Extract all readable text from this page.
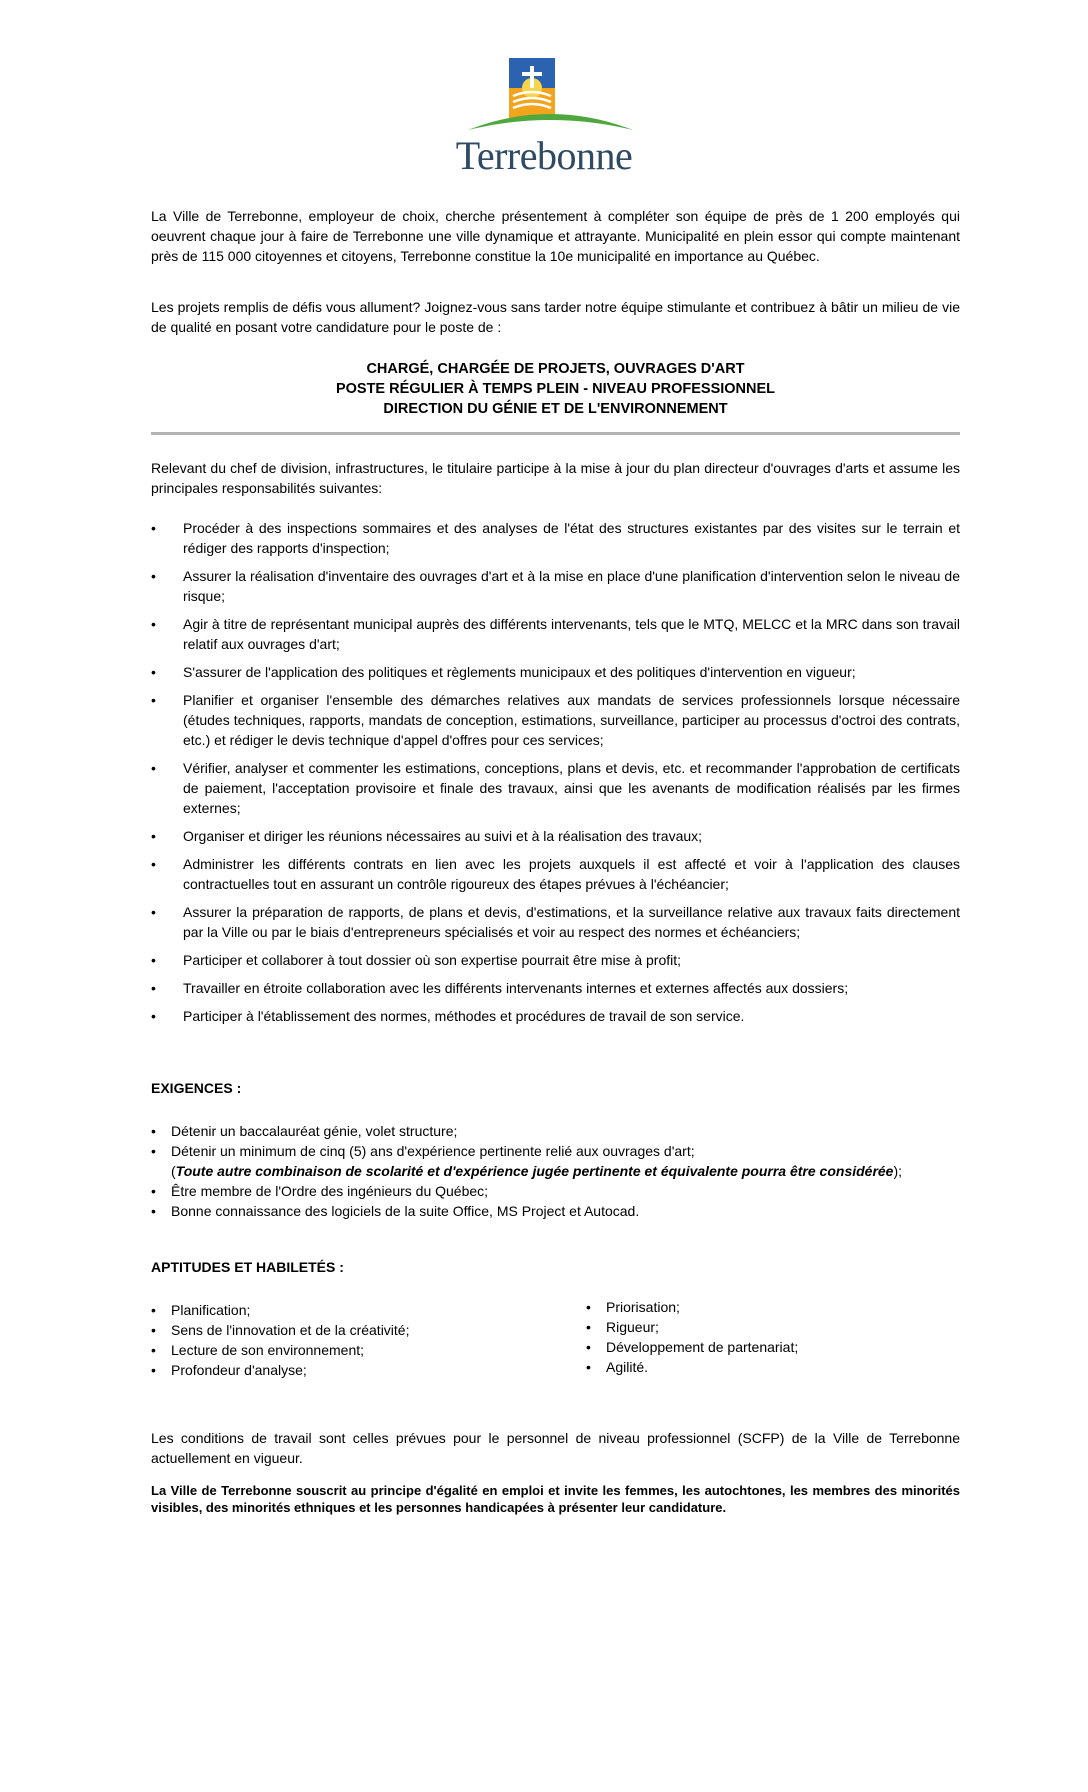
Terrebonne

La Ville de Terrebonne, employeur de choix, cherche présentement à compléter son équipe de près de 1 200 employés qui oeuvrent chaque jour à faire de Terrebonne une ville dynamique et attrayante. Municipalité en plein essor qui compte maintenant près de 115 000 citoyennes et citoyens, Terrebonne constitue la 10e municipalité en importance au Québec.

Les projets remplis de défis vous allument? Joignez-vous sans tarder notre équipe stimulante et contribuez à bâtir un milieu de vie de qualité en posant votre candidature pour le poste de :

CHARGÉ, CHARGÉE DE PROJETS, OUVRAGES D'ART
POSTE RÉGULIER À TEMPS PLEIN - NIVEAU PROFESSIONNEL
DIRECTION DU GÉNIE ET DE L'ENVIRONNEMENT

Relevant du chef de division, infrastructures, le titulaire participe à la mise à jour du plan directeur d'ouvrages d'arts et assume les principales responsabilités suivantes:

• Procéder à des inspections sommaires et des analyses de l'état des structures existantes par des visites sur le terrain et rédiger des rapports d'inspection;
• Assurer la réalisation d'inventaire des ouvrages d'art et à la mise en place d'une planification d'intervention selon le niveau de risque;
• Agir à titre de représentant municipal auprès des différents intervenants, tels que le MTQ, MELCC et la MRC dans son travail relatif aux ouvrages d'art;
• S'assurer de l'application des politiques et règlements municipaux et des politiques d'intervention en vigueur;
• Planifier et organiser l'ensemble des démarches relatives aux mandats de services professionnels lorsque nécessaire (études techniques, rapports, mandats de conception, estimations, surveillance, participer au processus d'octroi des contrats, etc.) et rédiger le devis technique d'appel d'offres pour ces services;
• Vérifier, analyser et commenter les estimations, conceptions, plans et devis, etc. et recommander l'approbation de certificats de paiement, l'acceptation provisoire et finale des travaux, ainsi que les avenants de modification réalisés par les firmes externes;
• Organiser et diriger les réunions nécessaires au suivi et à la réalisation des travaux;
• Administrer les différents contrats en lien avec les projets auxquels il est affecté et voir à l'application des clauses contractuelles tout en assurant un contrôle rigoureux des étapes prévues à l'échéancier;
• Assurer la préparation de rapports, de plans et devis, d'estimations, et la surveillance relative aux travaux faits directement par la Ville ou par le biais d'entrepreneurs spécialisés et voir au respect des normes et échéanciers;
• Participer et collaborer à tout dossier où son expertise pourrait être mise à profit;
• Travailler en étroite collaboration avec les différents intervenants internes et externes affectés aux dossiers;
• Participer à l'établissement des normes, méthodes et procédures de travail de son service.
EXIGENCES :
• Détenir un baccalauréat génie, volet structure;
• Détenir un minimum de cinq (5) ans d'expérience pertinente relié aux ouvrages d'art;
(Toute autre combinaison de scolarité et d'expérience jugée pertinente et équivalente pourra être considérée);
• Être membre de l'Ordre des ingénieurs du Québec;
• Bonne connaissance des logiciels de la suite Office, MS Project et Autocad.
APTITUDES ET HABILETÉS :
• Planification;
• Sens de l'innovation et de la créativité;
• Lecture de son environnement;
• Profondeur d'analyse;
• Priorisation;
• Rigueur;
• Développement de partenariat;
• Agilité.

Les conditions de travail sont celles prévues pour le personnel de niveau professionnel (SCFP) de la Ville de Terrebonne actuellement en vigueur.

La Ville de Terrebonne souscrit au principe d'égalité en emploi et invite les femmes, les autochtones, les membres des minorités visibles, des minorités ethniques et les personnes handicapées à présenter leur candidature.
